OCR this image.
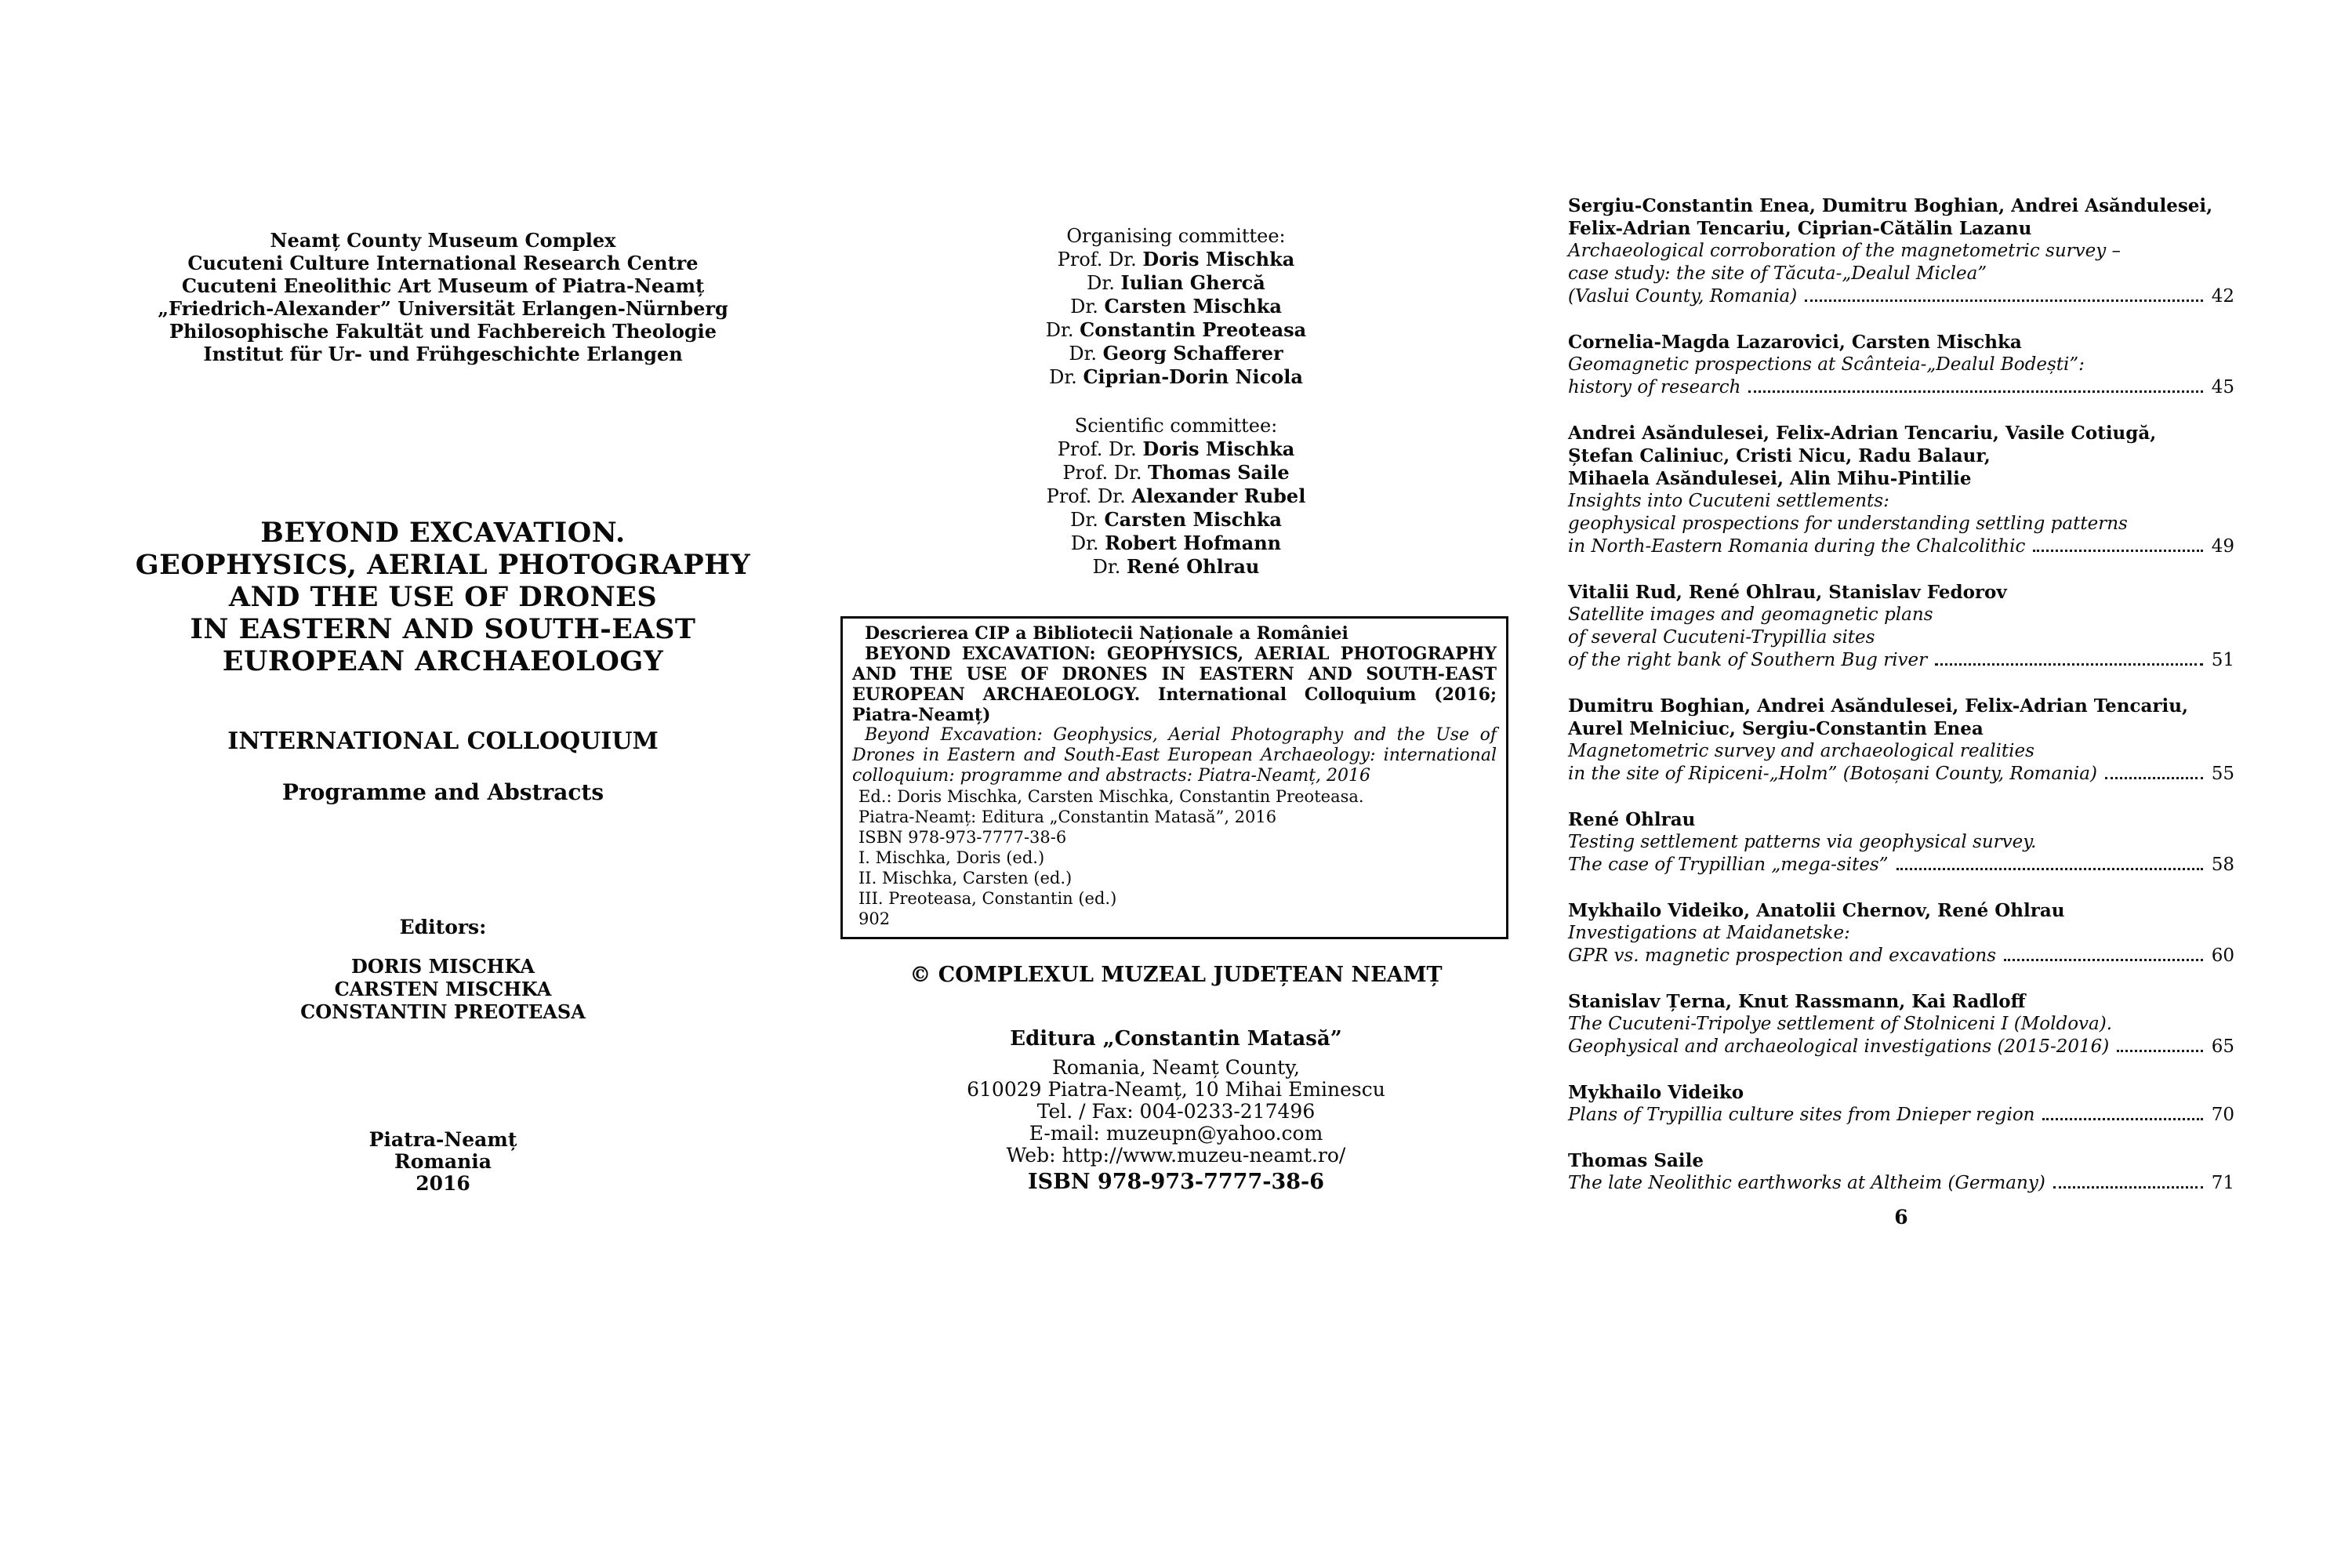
Neamț County Museum Complex
Cucuteni Culture International Research Centre
Cucuteni Eneolithic Art Museum of Piatra-Neamț
„Friedrich-Alexander” Universität Erlangen-Nürnberg
Philosophische Fakultät und Fachbereich Theologie
Institut für Ur- und Frühgeschichte Erlangen
BEYOND EXCAVATION.
GEOPHYSICS, AERIAL PHOTOGRAPHY
AND THE USE OF DRONES
IN EASTERN AND SOUTH-EAST
EUROPEAN ARCHAEOLOGY
INTERNATIONAL COLLOQUIUM
Programme and Abstracts
Editors:
DORIS MISCHKA
CARSTEN MISCHKA
CONSTANTIN PREOTEASA
Piatra-Neamț
Romania
2016
Organising committee:
Prof. Dr. Doris Mischka
Dr. Iulian Ghercă
Dr. Carsten Mischka
Dr. Constantin Preoteasa
Dr. Georg Schafferer
Dr. Ciprian-Dorin Nicola
Scientific committee:
Prof. Dr. Doris Mischka
Prof. Dr. Thomas Saile
Prof. Dr. Alexander Rubel
Dr. Carsten Mischka
Dr. Robert Hofmann
Dr. René Ohlrau
Descrierea CIP a Bibliotecii Naționale a României
BEYOND EXCAVATION: GEOPHYSICS, AERIAL PHOTOGRAPHY AND THE USE OF DRONES IN EASTERN AND SOUTH-EAST EUROPEAN ARCHAEOLOGY. International Colloquium (2016; Piatra-Neamț)
Beyond Excavation: Geophysics, Aerial Photography and the Use of Drones in Eastern and South-East European Archaeology: international colloquium: programme and abstracts: Piatra-Neamț, 2016
Ed.: Doris Mischka, Carsten Mischka, Constantin Preoteasa.
Piatra-Neamț: Editura „Constantin Matasă”, 2016
ISBN 978-973-7777-38-6
I. Mischka, Doris (ed.)
II. Mischka, Carsten (ed.)
III. Preoteasa, Constantin (ed.)
902
© COMPLEXUL MUZEAL JUDEȚEAN NEAMȚ
Editura „Constantin Matasă”
Romania, Neamț County,
610029 Piatra-Neamț, 10 Mihai Eminescu
Tel. / Fax: 004-0233-217496
E-mail: muzeupn@yahoo.com
Web: http://www.muzeu-neamt.ro/
ISBN 978-973-7777-38-6
Sergiu-Constantin Enea, Dumitru Boghian, Andrei Asăndulesei,
Felix-Adrian Tencariu, Ciprian-Cătălin Lazanu
Archaeological corroboration of the magnetometric survey –
case study: the site of Tăcuta-„Dealul Miclea”
(Vaslui County, Romania)	42
Cornelia-Magda Lazarovici, Carsten Mischka
Geomagnetic prospections at Scânteia-„Dealul Bodești”:
history of research	45
Andrei Asăndulesei, Felix-Adrian Tencariu, Vasile Cotiugă,
Ștefan Caliniuc, Cristi Nicu, Radu Balaur,
Mihaela Asăndulesei, Alin Mihu-Pintilie
Insights into Cucuteni settlements:
geophysical prospections for understanding settling patterns
in North-Eastern Romania during the Chalcolithic	49
Vitalii Rud, René Ohlrau, Stanislav Fedorov
Satellite images and geomagnetic plans
of several Cucuteni-Trypillia sites
of the right bank of Southern Bug river	51
Dumitru Boghian, Andrei Asăndulesei, Felix-Adrian Tencariu,
Aurel Melniciuc, Sergiu-Constantin Enea
Magnetometric survey and archaeological realities
in the site of Ripiceni-„Holm” (Botoșani County, Romania)	55
René Ohlrau
Testing settlement patterns via geophysical survey.
The case of Trypillian „mega-sites”	58
Mykhailo Videiko, Anatolii Chernov, René Ohlrau
Investigations at Maidanetske:
GPR vs. magnetic prospection and excavations	60
Stanislav Țerna, Knut Rassmann, Kai Radloff
The Cucuteni-Tripolye settlement of Stolniceni I (Moldova).
Geophysical and archaeological investigations (2015-2016)	65
Mykhailo Videiko
Plans of Trypillia culture sites from Dnieper region	70
Thomas Saile
The late Neolithic earthworks at Altheim (Germany)	71
6
